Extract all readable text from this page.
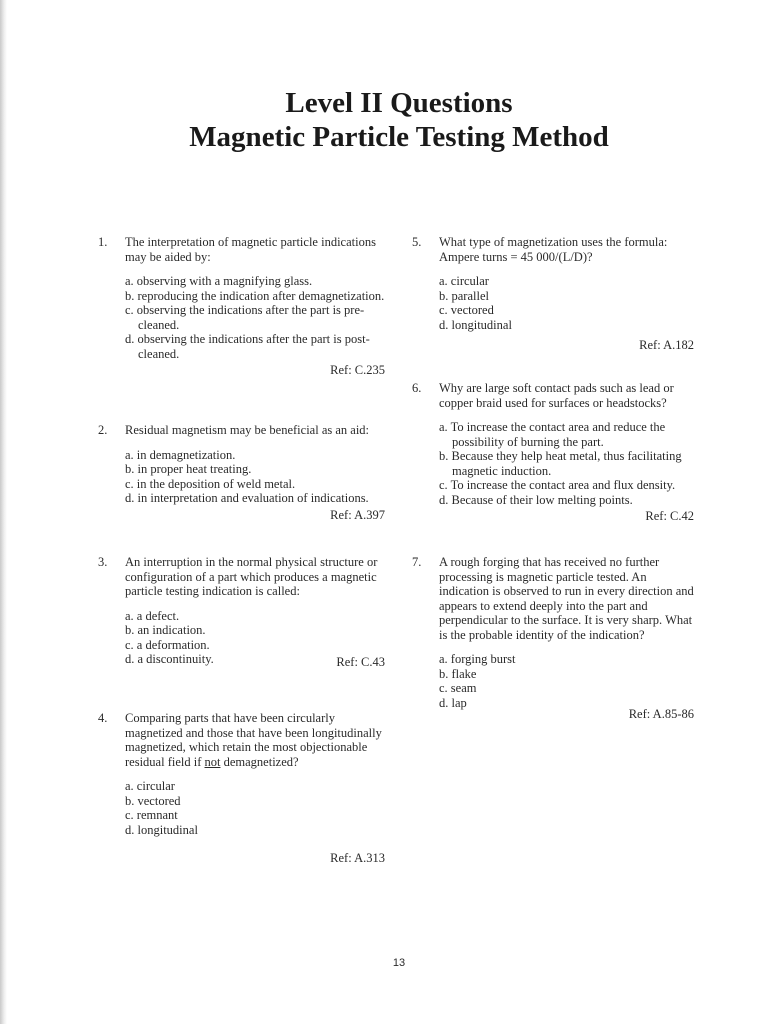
Level II Questions
Magnetic Particle Testing Method
1. The interpretation of magnetic particle indications may be aided by:
a. observing with a magnifying glass.
b. reproducing the indication after demagnetization.
c. observing the indications after the part is pre-cleaned.
d. observing the indications after the part is post-cleaned.
Ref: C.235
2. Residual magnetism may be beneficial as an aid:
a. in demagnetization.
b. in proper heat treating.
c. in the deposition of weld metal.
d. in interpretation and evaluation of indications.
Ref: A.397
3. An interruption in the normal physical structure or configuration of a part which produces a magnetic particle testing indication is called:
a. a defect.
b. an indication.
c. a deformation.
d. a discontinuity.	Ref: C.43
4. Comparing parts that have been circularly magnetized and those that have been longitudinally magnetized, which retain the most objectionable residual field if not demagnetized?
a. circular
b. vectored
c. remnant
d. longitudinal
Ref: A.313
5. What type of magnetization uses the formula: Ampere turns = 45 000/(L/D)?
a. circular
b. parallel
c. vectored
d. longitudinal
Ref: A.182
6. Why are large soft contact pads such as lead or copper braid used for surfaces or headstocks?
a. To increase the contact area and reduce the possibility of burning the part.
b. Because they help heat metal, thus facilitating magnetic induction.
c. To increase the contact area and flux density.
d. Because of their low melting points.
Ref: C.42
7. A rough forging that has received no further processing is magnetic particle tested. An indication is observed to run in every direction and appears to extend deeply into the part and perpendicular to the surface. It is very sharp. What is the probable identity of the indication?
a. forging burst
b. flake
c. seam
d. lap
Ref: A.85-86
13
